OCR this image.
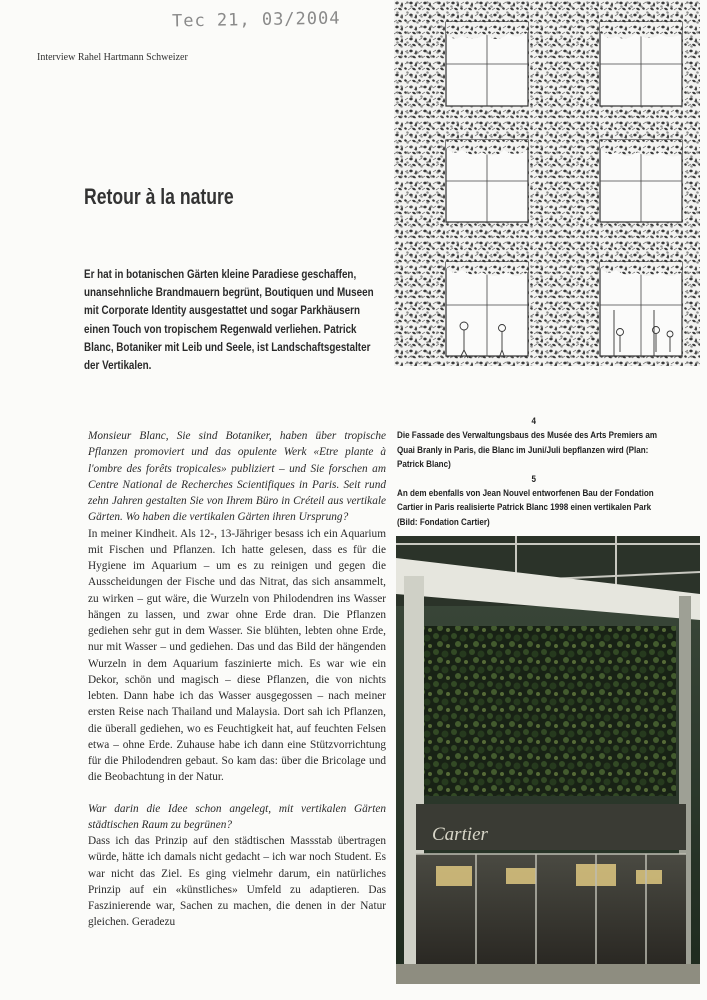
Tec 21, 03/2004
Interview Rahel Hartmann Schweizer
Retour à la nature

Er hat in botanischen Gärten kleine Paradiese geschaffen, unansehnliche Brandmauern begrünt, Boutiquen und Museen mit Corporate Identity ausgestattet und sogar Parkhäusern einen Touch von tropischem Regenwald verliehen. Patrick Blanc, Botaniker mit Leib und Seele, ist Landschaftsgestalter der Vertikalen.

4

Die Fassade des Verwaltungsbaus des Musée des Arts Premiers am Quai Branly in Paris, die Blanc im Juni/Juli bepflanzen wird (Plan: Patrick Blanc)

5

An dem ebenfalls von Jean Nouvel entworfenen Bau der Fondation Cartier in Paris realisierte Patrick Blanc 1998 einen vertikalen Park (Bild: Fondation Cartier)

Cartier

Monsieur Blanc, Sie sind Botaniker, haben über tropische Pflanzen promoviert und das opulente Werk «Etre plante à l'ombre des forêts tropicales» publiziert – und Sie forschen am Centre National de Recherches Scientifiques in Paris. Seit rund zehn Jahren gestalten Sie von Ihrem Büro in Créteil aus vertikale Gärten. Wo haben die vertikalen Gärten ihren Ursprung?

In meiner Kindheit. Als 12-, 13-Jähriger besass ich ein Aquarium mit Fischen und Pflanzen. Ich hatte gelesen, dass es für die Hygiene im Aquarium – um es zu reinigen und gegen die Ausscheidungen der Fische und das Nitrat, das sich ansammelt, zu wirken – gut wäre, die Wurzeln von Philodendren ins Wasser hängen zu lassen, und zwar ohne Erde dran. Die Pflanzen gediehen sehr gut in dem Wasser. Sie blühten, lebten ohne Erde, nur mit Wasser – und gediehen. Das und das Bild der hängenden Wurzeln in dem Aquarium faszinierte mich. Es war wie ein Dekor, schön und magisch – diese Pflanzen, die von nichts lebten. Dann habe ich das Wasser ausgegossen – nach meiner ersten Reise nach Thailand und Malaysia. Dort sah ich Pflanzen, die überall gediehen, wo es Feuchtigkeit hat, auf feuchten Felsen etwa – ohne Erde. Zuhause habe ich dann eine Stützvorrichtung für die Philodendren gebaut. So kam das: über die Bricolage und die Beobachtung in der Natur.

War darin die Idee schon angelegt, mit vertikalen Gärten städtischen Raum zu begrünen?

Dass ich das Prinzip auf den städtischen Massstab übertragen würde, hätte ich damals nicht gedacht – ich war noch Student. Es war nicht das Ziel. Es ging vielmehr darum, ein natürliches Prinzip auf ein «künstliches» Umfeld zu adaptieren. Das Faszinierende war, Sachen zu machen, die denen in der Natur gleichen. Geradezu
